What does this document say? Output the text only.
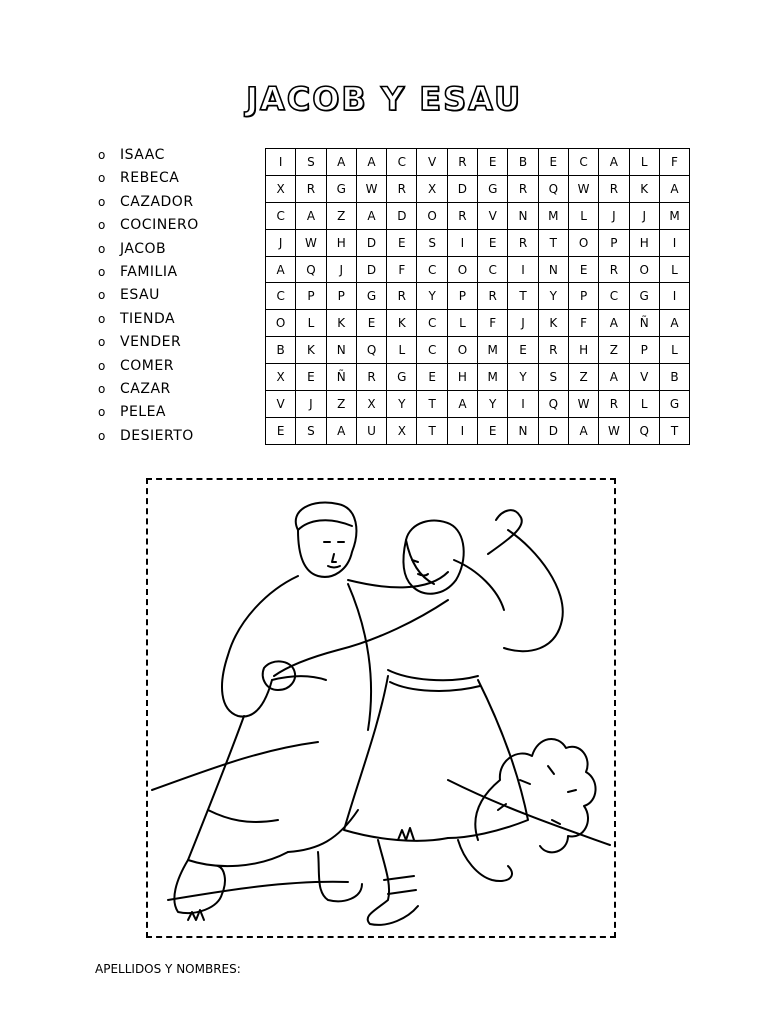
JACOB Y ESAU
o ISAAC
o REBECA
o CAZADOR
o COCINERO
o JACOB
o FAMILIA
o ESAU
o TIENDA
o VENDER
o COMER
o CAZAR
o PELEA
o DESIERTO
I	S	A	A	C	V	R	E	B	E	C	A	L	F
X	R	G	W	R	X	D	G	R	Q	W	R	K	A
C	A	Z	A	D	O	R	V	N	M	L	J	J	M
J	W	H	D	E	S	I	E	R	T	O	P	H	I
A	Q	J	D	F	C	O	C	I	N	E	R	O	L
C	P	P	G	R	Y	P	R	T	Y	P	C	G	I
O	L	K	E	K	C	L	F	J	K	F	A	Ñ	A
B	K	N	Q	L	C	O	M	E	R	H	Z	P	L
X	E	Ñ	R	G	E	H	M	Y	S	Z	A	V	B
V	J	Z	X	Y	T	A	Y	I	Q	W	R	L	G
E	S	A	U	X	T	I	E	N	D	A	W	Q	T
APELLIDOS Y NOMBRES:
